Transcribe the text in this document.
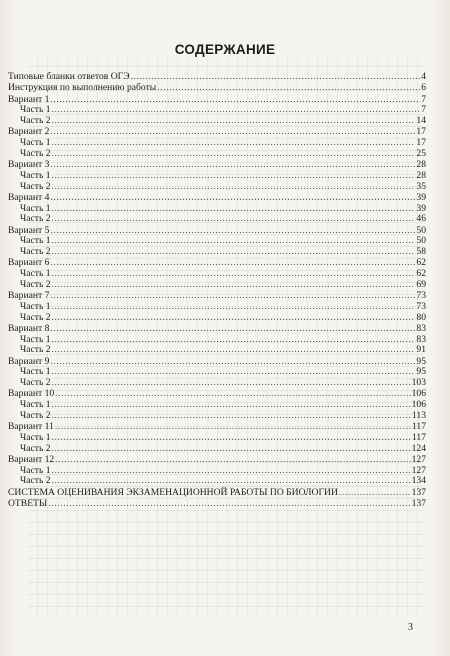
СОДЕРЖАНИЕ
Типовые бланки ответов ОГЭ .....	4
Инструкция по выполнению работы .....	6
Вариант 1 .....	7
Часть 1 .....	7
Часть 2 .....	14
Вариант 2 .....	17
Часть 1 .....	17
Часть 2 .....	25
Вариант 3 .....	28
Часть 1 .....	28
Часть 2 .....	35
Вариант 4 .....	39
Часть 1 .....	39
Часть 2 .....	46
Вариант 5 .....	50
Часть 1 .....	50
Часть 2 .....	58
Вариант 6 .....	62
Часть 1 .....	62
Часть 2 .....	69
Вариант 7 .....	73
Часть 1 .....	73
Часть 2 .....	80
Вариант 8 .....	83
Часть 1 .....	83
Часть 2 .....	91
Вариант 9 .....	95
Часть 1 .....	95
Часть 2 .....	103
Вариант 10 .....	106
Часть 1 .....	106
Часть 2 .....	113
Вариант 11 .....	117
Часть 1 .....	117
Часть 2 .....	124
Вариант 12 .....	127
Часть 1 .....	127
Часть 2 .....	134
СИСТЕМА ОЦЕНИВАНИЯ ЭКЗАМЕНАЦИОННОЙ РАБОТЫ ПО БИОЛОГИИ .....	137
ОТВЕТЫ .....	137
3
